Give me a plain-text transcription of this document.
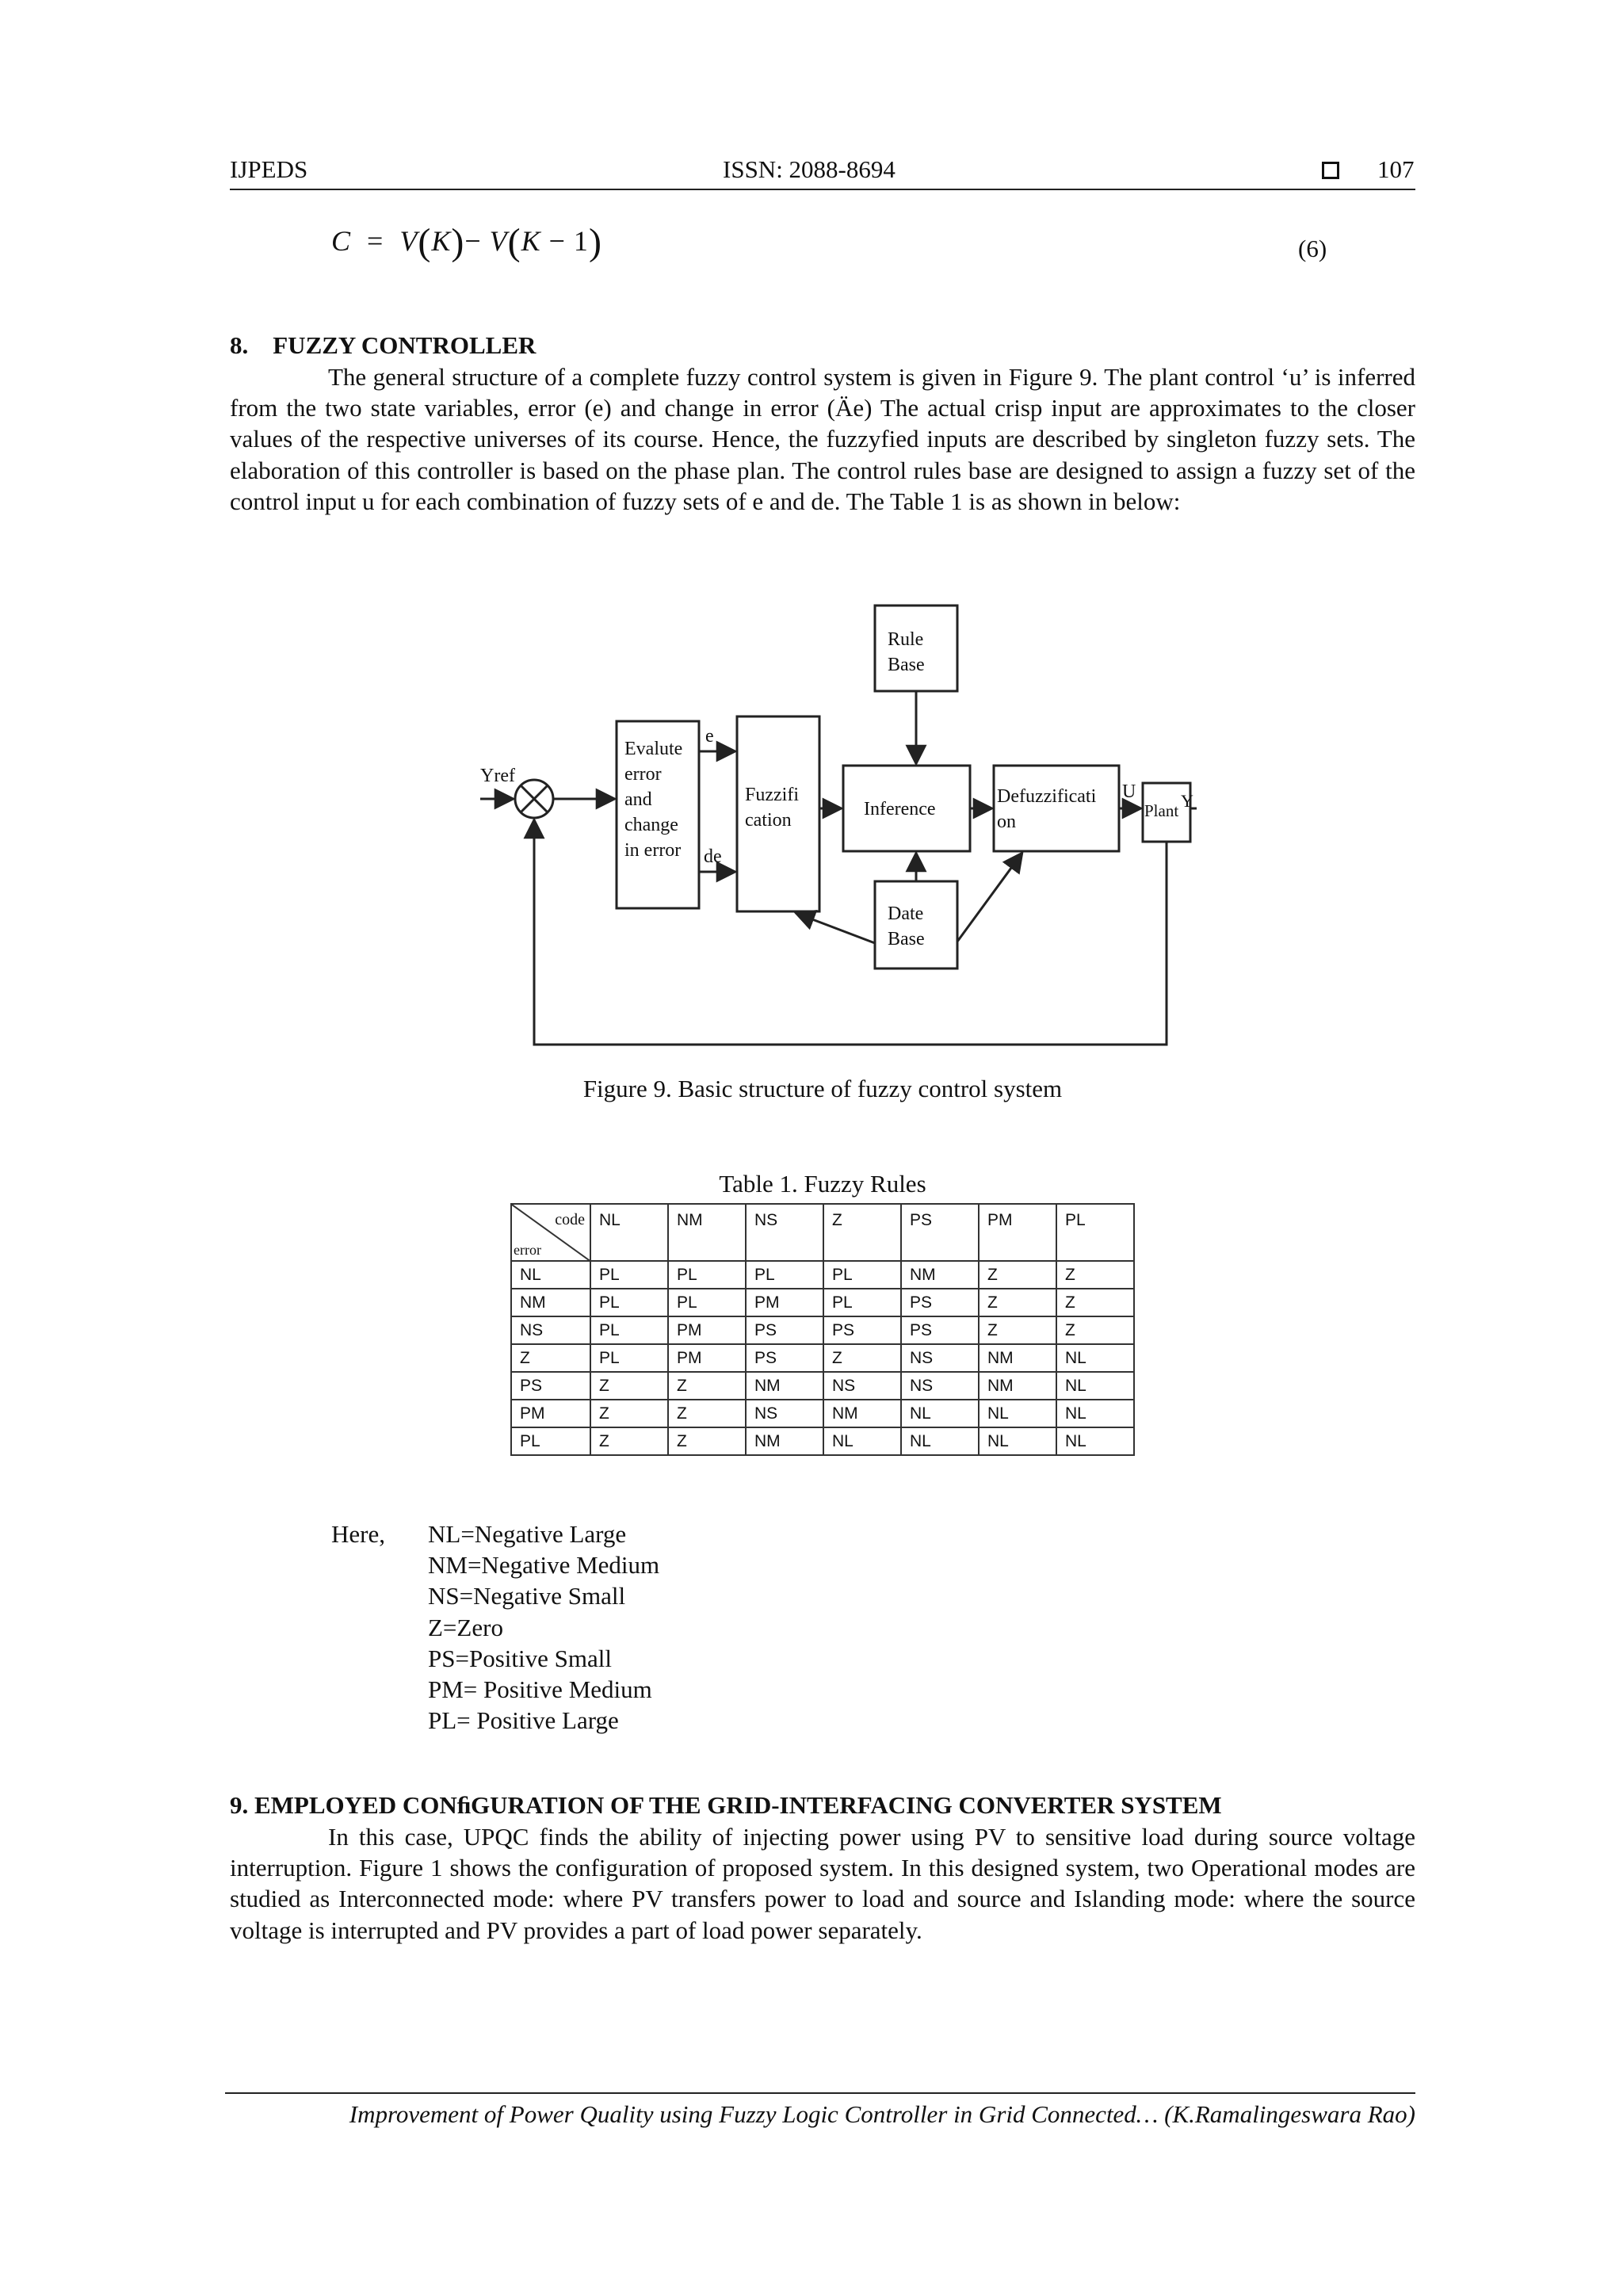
IJPEDS	ISSN: 2088-8694	107
C  =  V(K)− V(K − 1)	(6)
8.    FUZZY CONTROLLER
The general structure of a complete fuzzy control system is given in Figure 9. The plant control ‘u’ is inferred from the two state variables, error (e) and change in error (Äe) The actual crisp input are approximates to the closer values of the respective universes of its course. Hence, the fuzzyfied inputs are described by singleton fuzzy sets. The elaboration of this controller is based on the phase plan. The control rules base are designed to assign a fuzzy set of the control input u for each combination of fuzzy sets of e and de. The Table 1 is as shown in below:
Yref
Evalute
error
and
change
in error
e
de
Fuzzifi
cation
Rule
Base
Inference
Defuzzificati
on
U
Plant Y
Date
Base
Figure 9. Basic structure of fuzzy control system
Table 1. Fuzzy Rules
code
error	NL	NM	NS	Z	PS	PM	PL
NL	PL	PL	PL	PL	NM	Z	Z
NM	PL	PL	PM	PL	PS	Z	Z
NS	PL	PM	PS	PS	PS	Z	Z
Z	PL	PM	PS	Z	NS	NM	NL
PS	Z	Z	NM	NS	NS	NM	NL
PM	Z	Z	NS	NM	NL	NL	NL
PL	Z	Z	NM	NL	NL	NL	NL
Here, NL=Negative Large
NM=Negative Medium
NS=Negative Small
Z=Zero
PS=Positive Small
PM= Positive Medium
PL= Positive Large
9. EMPLOYED CONﬁGURATION OF THE GRID-INTERFACING CONVERTER SYSTEM
In this case, UPQC finds the ability of injecting power using PV to sensitive load during source voltage interruption. Figure 1 shows the configuration of proposed system. In this designed system, two Operational modes are studied as Interconnected mode: where PV transfers power to load and source and Islanding mode: where the source voltage is interrupted and PV provides a part of load power separately.
Improvement of Power Quality using Fuzzy Logic Controller in Grid Connected… (K.Ramalingeswara Rao)
